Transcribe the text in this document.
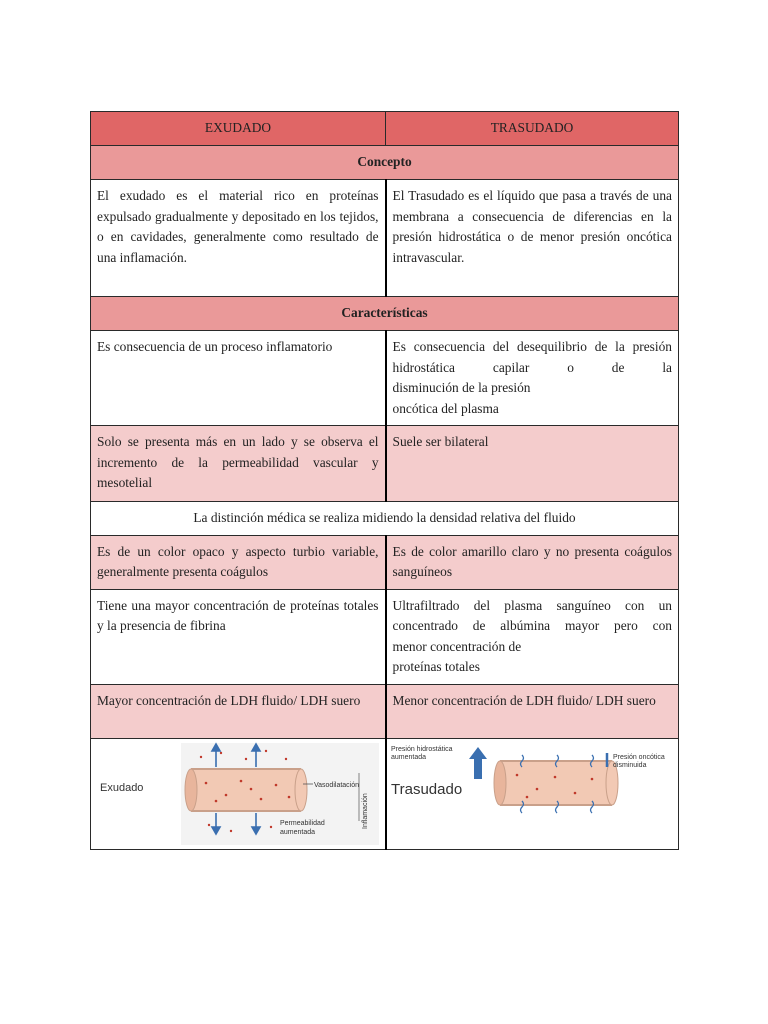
EXUDADO	TRASUDADO
Concepto	
El exudado es el material rico en proteínas expulsado gradualmente y depositado en los tejidos, o en cavidades, generalmente como resultado de una inflamación.	El Trasudado es el líquido que pasa a través de una membrana a consecuencia de diferencias en la presión hidrostática o de menor presión oncótica intravascular.
Características	
Es consecuencia de un proceso inflamatorio	Es consecuencia del desequilibrio de la presión hidrostática capilar o de la
disminución de la presión
oncótica del plasma

Solo se presenta más en un lado y se observa el incremento de la permeabilidad vascular y mesotelial	Suele ser bilateral
La distinción médica se realiza midiendo la densidad relativa del fluido	
Es de un color opaco y aspecto turbio variable, generalmente presenta coágulos	Es de color amarillo claro y no presenta coágulos sanguíneos
Tiene una mayor concentración de proteínas totales y la presencia de fibrina	Ultrafiltrado del plasma sanguíneo con un concentrado de albúmina mayor pero con
menor concentración de
proteínas totales

Mayor concentración de LDH fluido/ LDH suero	Menor concentración de LDH fluido/ LDH suero

Exudado Vasodilatación
Inflamación
Permeabilidad
aumentada	Presión hidrostática
aumentada
Trasudado
Presión oncótica
disminuida
